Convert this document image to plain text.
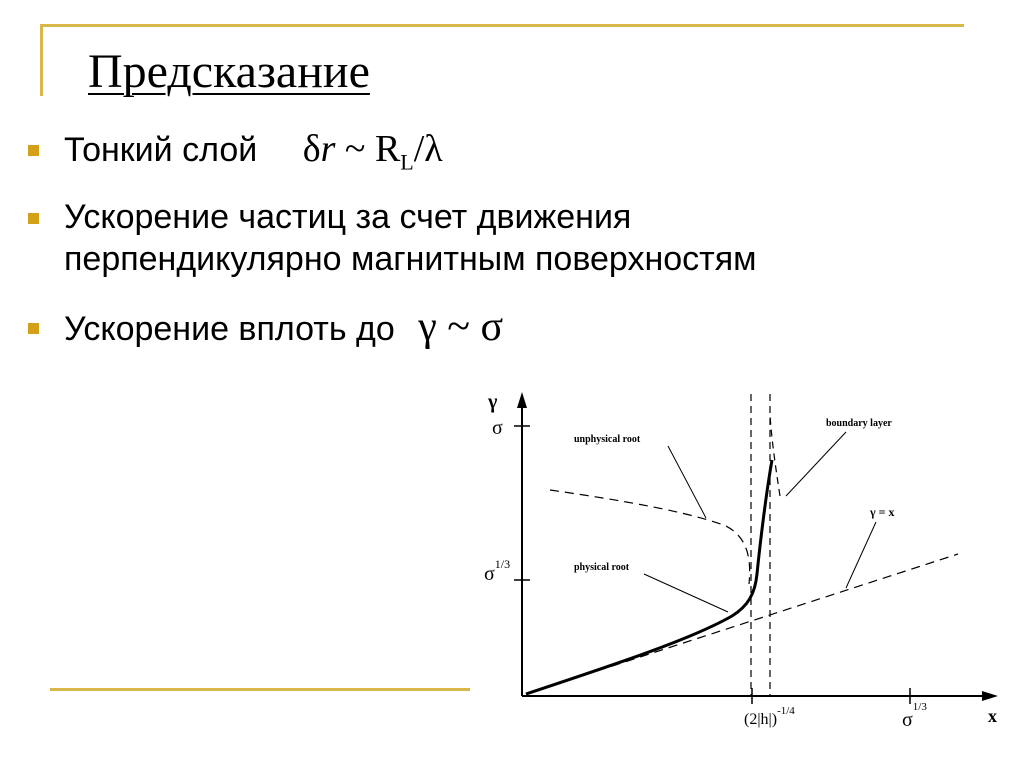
Предсказание
Тонкий слой δr ~ $R_L/\lambda$
Ускорение частиц за счет движения
перпендикулярно магнитным поверхностям
Ускорение вплоть до γ ~ σ
γ
x
σ
$\sigma^{1/3}$
$(2|h|)^{-1/4}$	$\sigma^{1/3}$
unphysical root
boundary layer
physical root
γ = x
